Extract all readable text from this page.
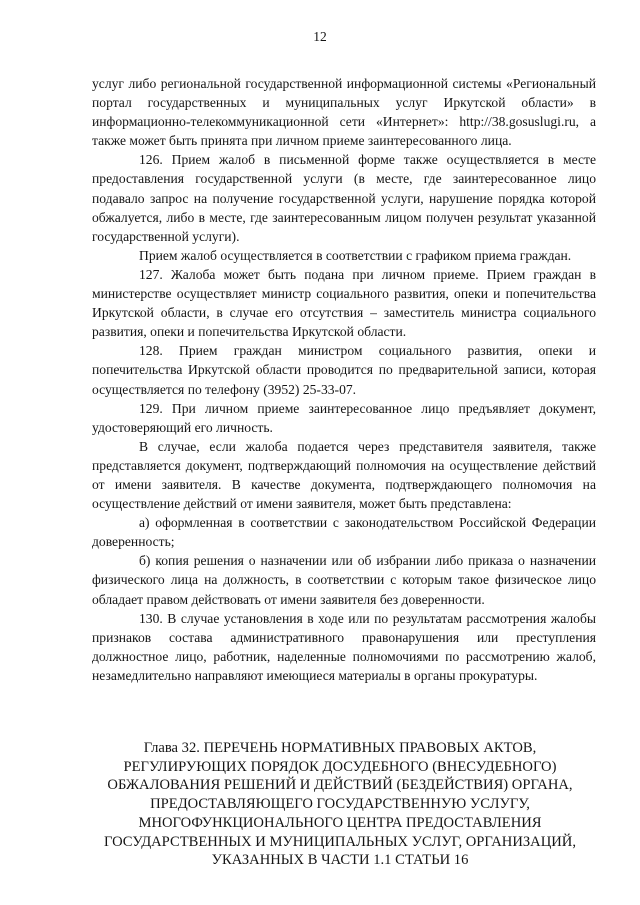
12

услуг либо региональной государственной информационной системы «Региональный портал государственных и муниципальных услуг Иркутской области» в информационно-телекоммуникационной сети «Интернет»: http://38.gosuslugi.ru, а также может быть принята при личном приеме заинтересованного лица.

126. Прием жалоб в письменной форме также осуществляется в месте предоставления государственной услуги (в месте, где заинтересованное лицо подавало запрос на получение государственной услуги, нарушение порядка которой обжалуется, либо в месте, где заинтересованным лицом получен результат указанной государственной услуги).

Прием жалоб осуществляется в соответствии с графиком приема граждан.

127. Жалоба может быть подана при личном приеме. Прием граждан в министерстве осуществляет министр социального развития, опеки и попечительства Иркутской области, в случае его отсутствия – заместитель министра социального развития, опеки и попечительства Иркутской области.

128. Прием граждан министром социального развития, опеки и попечительства Иркутской области проводится по предварительной записи, которая осуществляется по телефону (3952) 25-33-07.

129. При личном приеме заинтересованное лицо предъявляет документ, удостоверяющий его личность.

В случае, если жалоба подается через представителя заявителя, также представляется документ, подтверждающий полномочия на осуществление действий от имени заявителя. В качестве документа, подтверждающего полномочия на осуществление действий от имени заявителя, может быть представлена:

а) оформленная в соответствии с законодательством Российской Федерации доверенность;

б) копия решения о назначении или об избрании либо приказа о назначении физического лица на должность, в соответствии с которым такое физическое лицо обладает правом действовать от имени заявителя без доверенности.

130. В случае установления в ходе или по результатам рассмотрения жалобы признаков состава административного правонарушения или преступления должностное лицо, работник, наделенные полномочиями по рассмотрению жалоб, незамедлительно направляют имеющиеся материалы в органы прокуратуры.

Глава 32. ПЕРЕЧЕНЬ НОРМАТИВНЫХ ПРАВОВЫХ АКТОВ,
РЕГУЛИРУЮЩИХ ПОРЯДОК ДОСУДЕБНОГО (ВНЕСУДЕБНОГО)
ОБЖАЛОВАНИЯ РЕШЕНИЙ И ДЕЙСТВИЙ (БЕЗДЕЙСТВИЯ) ОРГАНА,
ПРЕДОСТАВЛЯЮЩЕГО ГОСУДАРСТВЕННУЮ УСЛУГУ,
МНОГОФУНКЦИОНАЛЬНОГО ЦЕНТРА ПРЕДОСТАВЛЕНИЯ
ГОСУДАРСТВЕННЫХ И МУНИЦИПАЛЬНЫХ УСЛУГ, ОРГАНИЗАЦИЙ,
УКАЗАННЫХ В ЧАСТИ 1.1 СТАТЬИ 16
